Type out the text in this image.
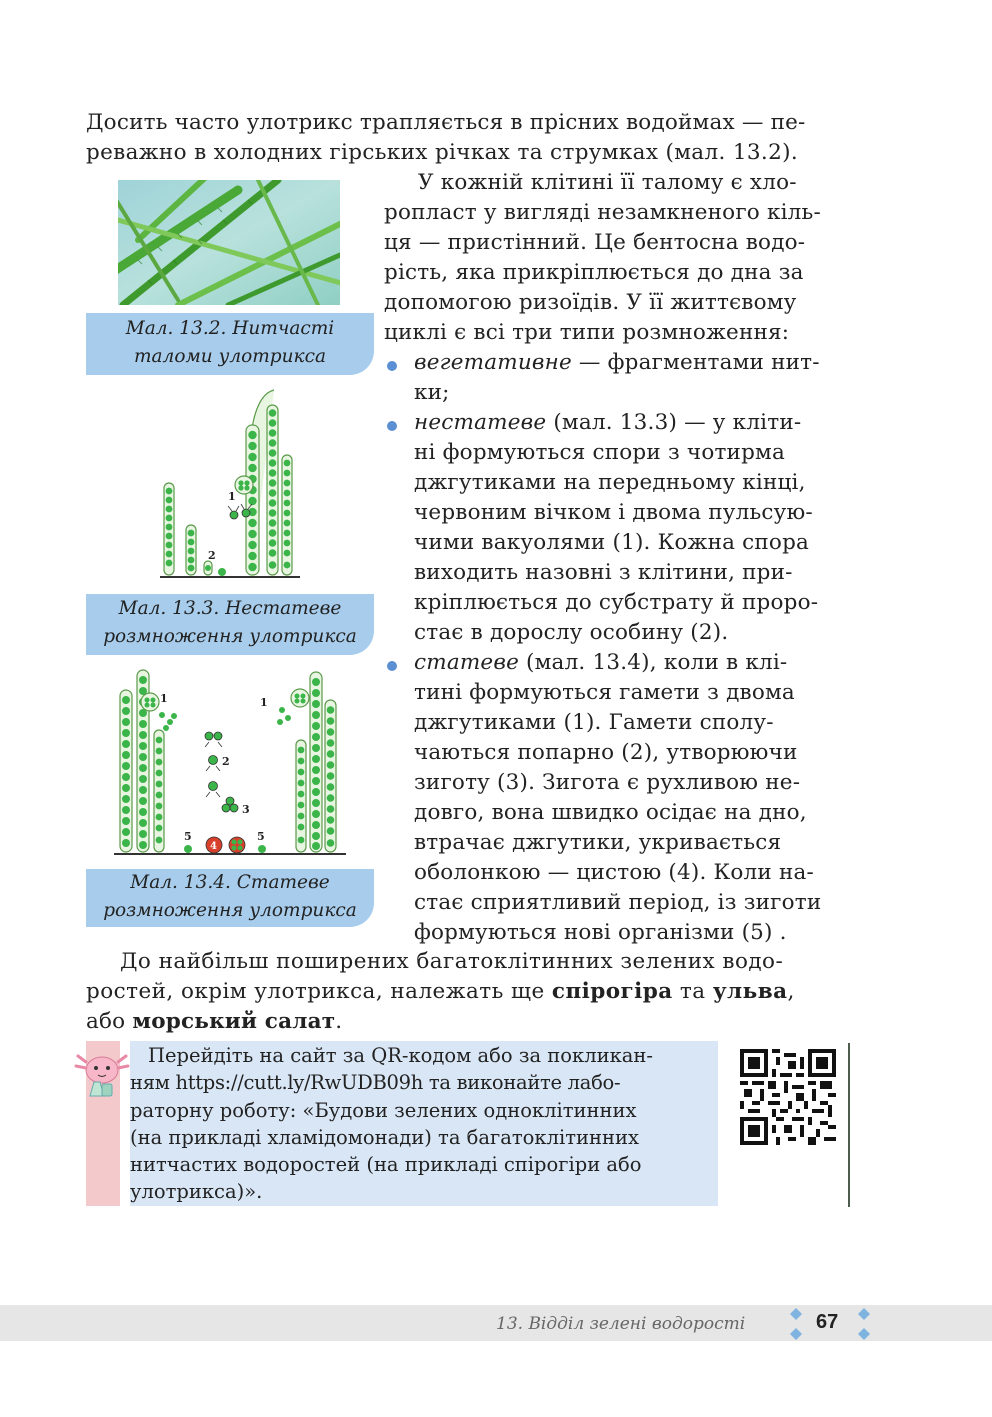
Досить часто улотрикс трапляється в прісних водоймах — пе-
реважно в холодних гірських річках та струмках (мал. 13.2).
У кожній клітині її талому є хло-
ропласт у вигляді незамкненого кіль-
ця — пристінний. Це бентосна водо-
рість, яка прикріплюється до дна за
допомогою ризоїдів. У її життєвому
циклі є всі три типи розмноження:
вегетативне — фрагментами нит-
ки;
нестатеве (мал. 13.3) — у кліти-
ні формуються спори з чотирма
джгутиками на передньому кінці,
червоним вічком і двома пульсую-
чими вакуолями (1). Кожна спора
виходить назовні з клітини, при-
кріплюється до субстрату й проро-
стає в дорослу особину (2).
статеве (мал. 13.4), коли в клі-
тині формуються гамети з двома
джгутиками (1). Гамети сполу-
чаються попарно (2), утворюючи
зиготу (3). Зигота є рухливою не-
довго, вона швидко осідає на дно,
втрачає джгутики, укривається
оболонкою — цистою (4). Коли на-
стає сприятливий період, із зиготи
формуються нові організми (5) .
Мал. 13.2. Нитчасті
таломи улотрикса
1
2
Мал. 13.3. Нестатеве
розмноження улотрикса
1	1
2
3
4
5	5
Мал. 13.4. Статеве
розмноження улотрикса
До найбільш поширених багатоклітинних зелених водо-
ростей, окрім улотрикса, належать ще спірогіра та ульва,
або морський салат.
Перейдіть на сайт за QR-кодом або за покликан-
ням https://cutt.ly/RwUDB09h та виконайте лабо-
раторну роботу: «Будови зелених одноклітинних
(на прикладі хламідомонади) та багатоклітинних
нитчастих водоростей (на прикладі спірогіри або
улотрикса)».
13. Відділ зелені водорості	67
